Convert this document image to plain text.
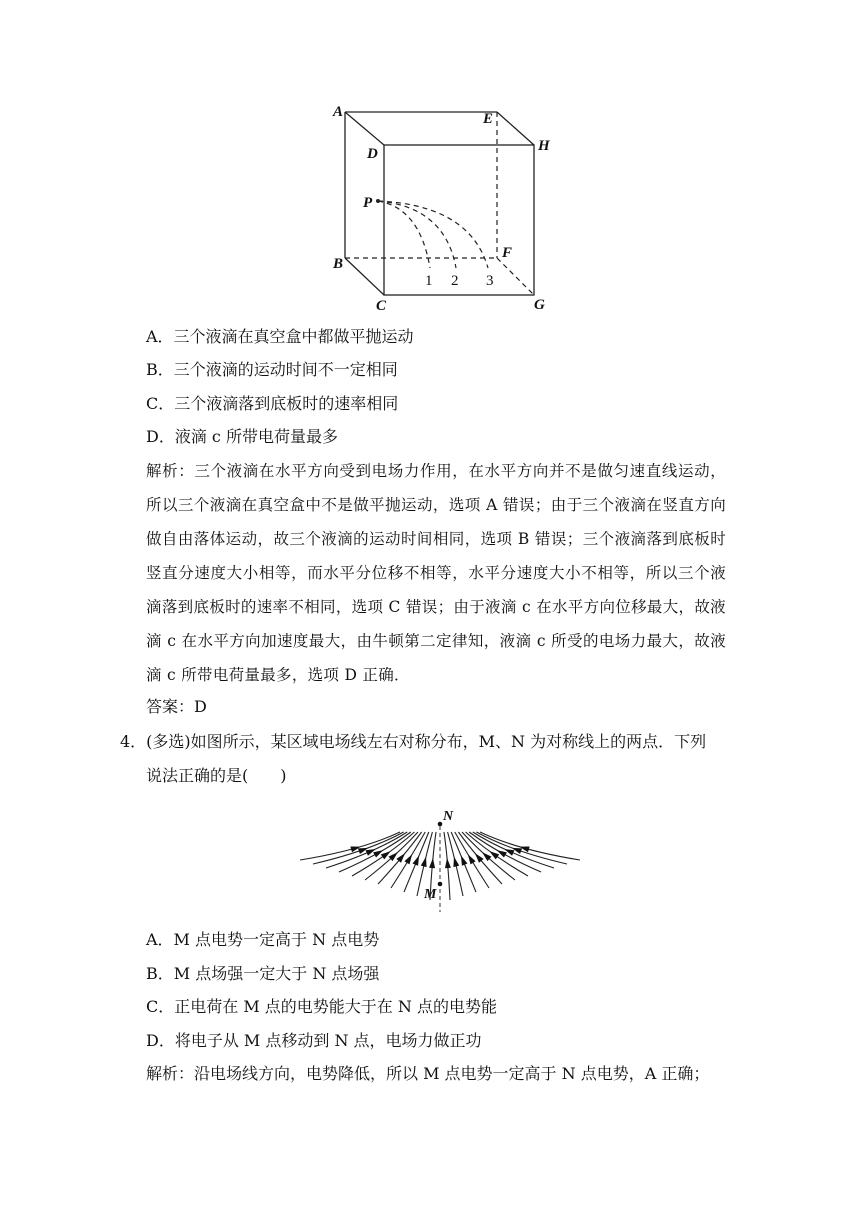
A	E
D	H
P
B
F
C	G
1 2 3
A．三个液滴在真空盒中都做平抛运动
B．三个液滴的运动时间不一定相同
C．三个液滴落到底板时的速率相同
D．液滴 c 所带电荷量最多
解析：三个液滴在水平方向受到电场力作用，在水平方向并不是做匀速直线运动，所以三个液滴在真空盒中不是做平抛运动，选项 A 错误；由于三个液滴在竖直方向做自由落体运动，故三个液滴的运动时间相同，选项 B 错误；三个液滴落到底板时竖直分速度大小相等，而水平分位移不相等，水平分速度大小不相等，所以三个液滴落到底板时的速率不相同，选项 C 错误；由于液滴 c 在水平方向位移最大，故液滴 c 在水平方向加速度最大，由牛顿第二定律知，液滴 c 所受的电场力最大，故液滴 c 所带电荷量最多，选项 D 正确．
答案：D
4．(多选)如图所示，某区域电场线左右对称分布，M、N 为对称线上的两点．下列
说法正确的是(　　)
N
M
A．M 点电势一定高于 N 点电势
B．M 点场强一定大于 N 点场强
C．正电荷在 M 点的电势能大于在 N 点的电势能
D．将电子从 M 点移动到 N 点，电场力做正功
解析：沿电场线方向，电势降低，所以 M 点电势一定高于 N 点电势，A 正确；
